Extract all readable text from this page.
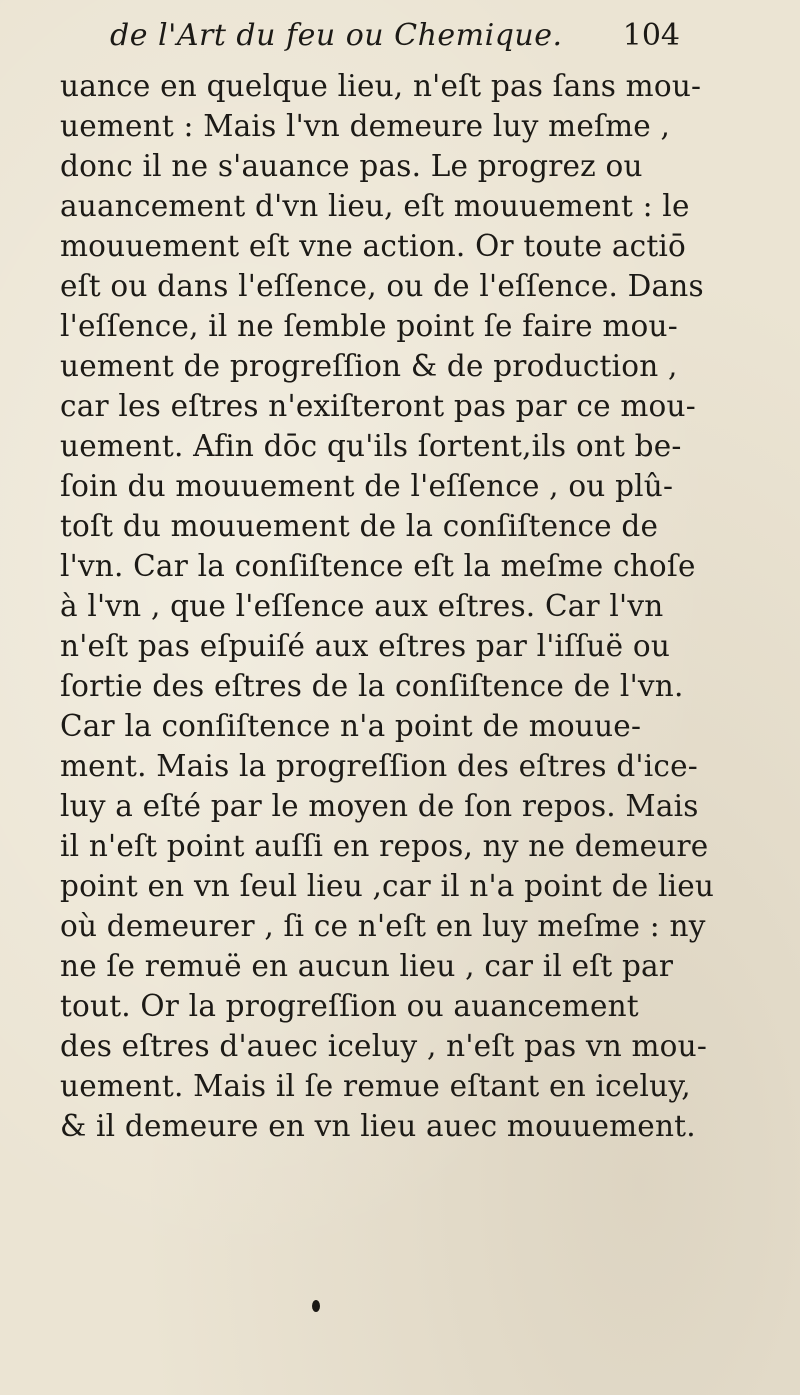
de l'Art du feu ou Chemique. 104
uance en quelque lieu, n'eſt pas ſans mou-
uement : Mais l'vn demeure luy meſme ,
donc il ne s'auance pas. Le progrez ou
auancement d'vn lieu, eſt mouuement : le
mouuement eſt vne action. Or toute actiō
eſt ou dans l'eſſence, ou de l'eſſence. Dans
l'eſſence, il ne ſemble point ſe faire mou-
uement de progreſſion & de production ,
car les eſtres n'exiſteront pas par ce mou-
uement. Afin dōc qu'ils ſortent,ils ont be-
ſoin du mouuement de l'eſſence , ou plû-
toſt du mouuement de la conſiſtence de
l'vn. Car la conſiſtence eſt la meſme choſe
à l'vn , que l'eſſence aux eſtres. Car l'vn
n'eſt pas eſpuiſé aux eſtres par l'iſſuë ou
ſortie des eſtres de la conſiſtence de l'vn.
Car la conſiſtence n'a point de mouue-
ment. Mais la progreſſion des eſtres d'ice-
luy a eſté par le moyen de ſon repos. Mais
il n'eſt point auſſi en repos, ny ne demeure
point en vn ſeul lieu ,car il n'a point de lieu
où demeurer , ſi ce n'eſt en luy meſme : ny
ne ſe remuë en aucun lieu , car il eſt par
tout. Or la progreſſion ou auancement
des eſtres d'auec iceluy , n'eſt pas vn mou-
uement. Mais il ſe remue eſtant en iceluy,
& il demeure en vn lieu auec mouuement.
